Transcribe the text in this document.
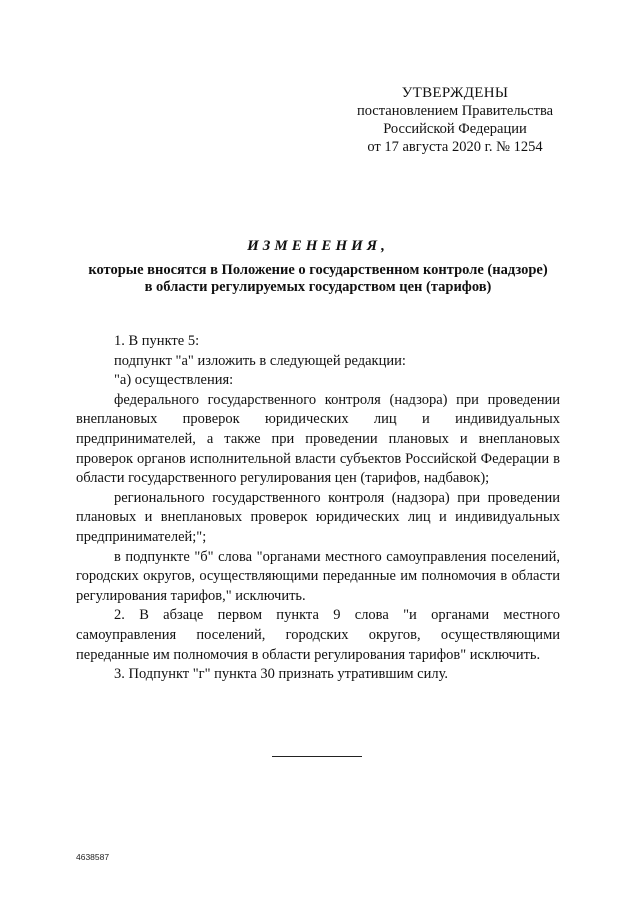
УТВЕРЖДЕНЫ
постановлением Правительства
Российской Федерации
от 17 августа 2020 г. № 1254
ИЗМЕНЕНИЯ,
которые вносятся в Положение о государственном контроле (надзоре)
в области регулируемых государством цен (тарифов)

1. В пункте 5:

подпункт "а" изложить в следующей редакции:

"а) осуществления:

федерального государственного контроля (надзора) при проведении внеплановых проверок юридических лиц и индивидуальных предпринимателей, а также при проведении плановых и внеплановых проверок органов исполнительной власти субъектов Российской Федерации в области государственного регулирования цен (тарифов, надбавок);

регионального государственного контроля (надзора) при проведении плановых и внеплановых проверок юридических лиц и индивидуальных предпринимателей;";

в подпункте "б" слова "органами местного самоуправления поселений, городских округов, осуществляющими переданные им полномочия в области регулирования тарифов," исключить.

2. В абзаце первом пункта 9 слова "и органами местного самоуправления поселений, городских округов, осуществляющими переданные им полномочия в области регулирования тарифов" исключить.

3. Подпункт "г" пункта 30 признать утратившим силу.

4638587
